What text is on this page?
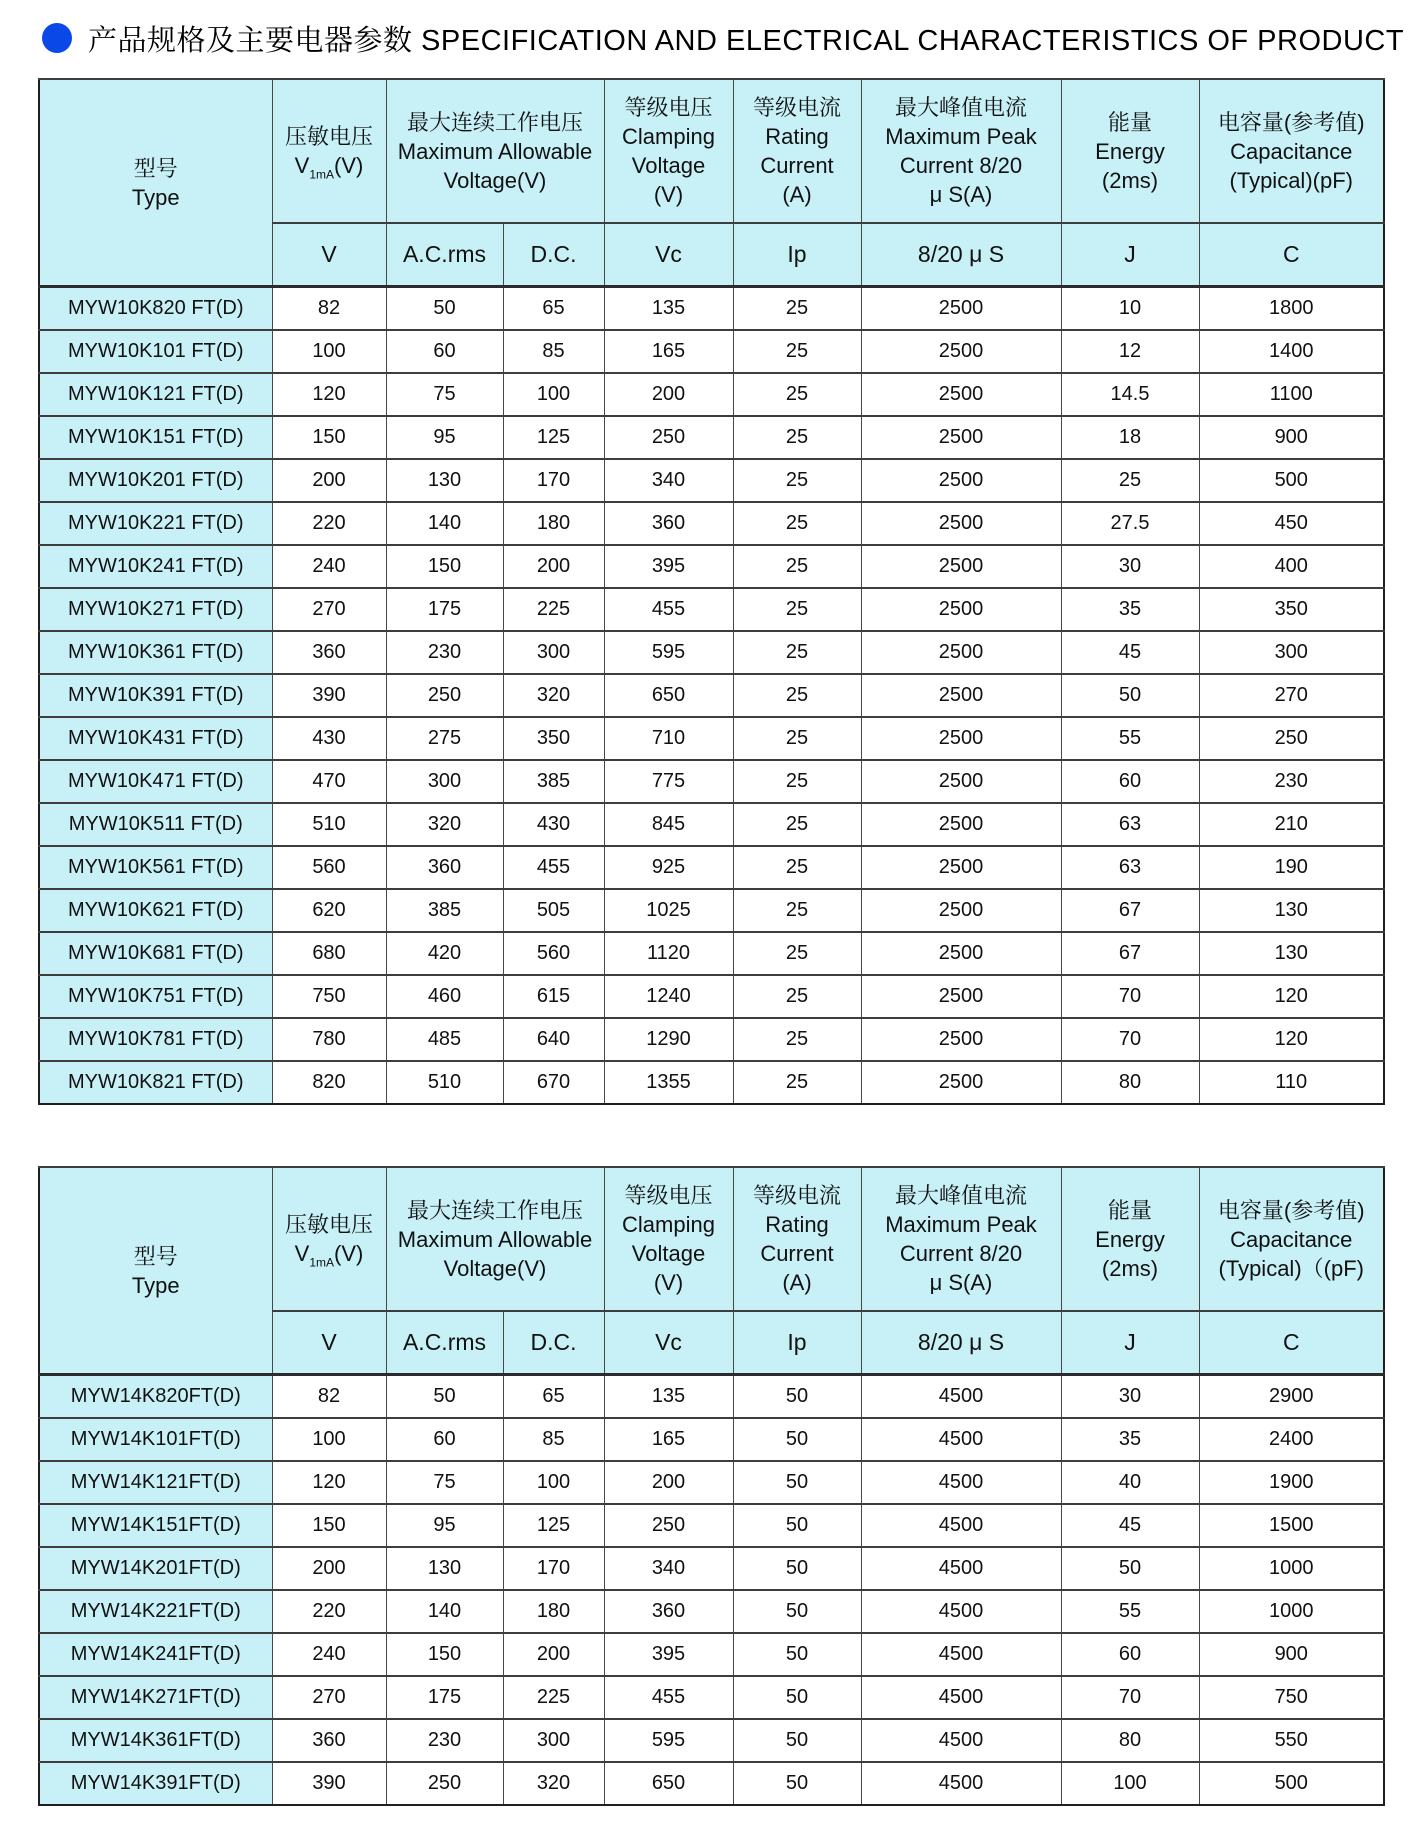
产品规格及主要电器参数 SPECIFICATION AND ELECTRICAL CHARACTERISTICS OF PRODUCT
型号
Type	压敏电压
$V_{1mA}(V)$	最大连续工作电压
Maximum Allowable
Voltage(V)		等级电压
Clamping
Voltage
(V)	等级电流
Rating
Current
(A)	最大峰值电流
Maximum Peak
Current 8/20
μ S(A)	能量
Energy
(2ms)	电容量(参考值)
Capacitance
(Typical)(pF)

	V	A.C.rms	D.C.	Vc	Ip	8/20 μ S	J	C
MYW10K820 FT(D)	82	50	65	135	25	2500	10	1800
MYW10K101 FT(D)	100	60	85	165	25	2500	12	1400
MYW10K121 FT(D)	120	75	100	200	25	2500	14.5	1100
MYW10K151 FT(D)	150	95	125	250	25	2500	18	900
MYW10K201 FT(D)	200	130	170	340	25	2500	25	500
MYW10K221 FT(D)	220	140	180	360	25	2500	27.5	450
MYW10K241 FT(D)	240	150	200	395	25	2500	30	400
MYW10K271 FT(D)	270	175	225	455	25	2500	35	350
MYW10K361 FT(D)	360	230	300	595	25	2500	45	300
MYW10K391 FT(D)	390	250	320	650	25	2500	50	270
MYW10K431 FT(D)	430	275	350	710	25	2500	55	250
MYW10K471 FT(D)	470	300	385	775	25	2500	60	230
MYW10K511 FT(D)	510	320	430	845	25	2500	63	210
MYW10K561 FT(D)	560	360	455	925	25	2500	63	190
MYW10K621 FT(D)	620	385	505	1025	25	2500	67	130
MYW10K681 FT(D)	680	420	560	1120	25	2500	67	130
MYW10K751 FT(D)	750	460	615	1240	25	2500	70	120
MYW10K781 FT(D)	780	485	640	1290	25	2500	70	120
MYW10K821 FT(D)	820	510	670	1355	25	2500	80	110
型号
Type	压敏电压
$V_{1mA}(V)$	最大连续工作电压
Maximum Allowable
Voltage(V)		等级电压
Clamping
Voltage
(V)	等级电流
Rating
Current
(A)	最大峰值电流
Maximum Peak
Current 8/20
μ S(A)	能量
Energy
(2ms)	电容量(参考值)
Capacitance
(Typical)（(pF)

	V	A.C.rms	D.C.	Vc	Ip	8/20 μ S	J	C
MYW14K820FT(D)	82	50	65	135	50	4500	30	2900
MYW14K101FT(D)	100	60	85	165	50	4500	35	2400
MYW14K121FT(D)	120	75	100	200	50	4500	40	1900
MYW14K151FT(D)	150	95	125	250	50	4500	45	1500
MYW14K201FT(D)	200	130	170	340	50	4500	50	1000
MYW14K221FT(D)	220	140	180	360	50	4500	55	1000
MYW14K241FT(D)	240	150	200	395	50	4500	60	900
MYW14K271FT(D)	270	175	225	455	50	4500	70	750
MYW14K361FT(D)	360	230	300	595	50	4500	80	550
MYW14K391FT(D)	390	250	320	650	50	4500	100	500
